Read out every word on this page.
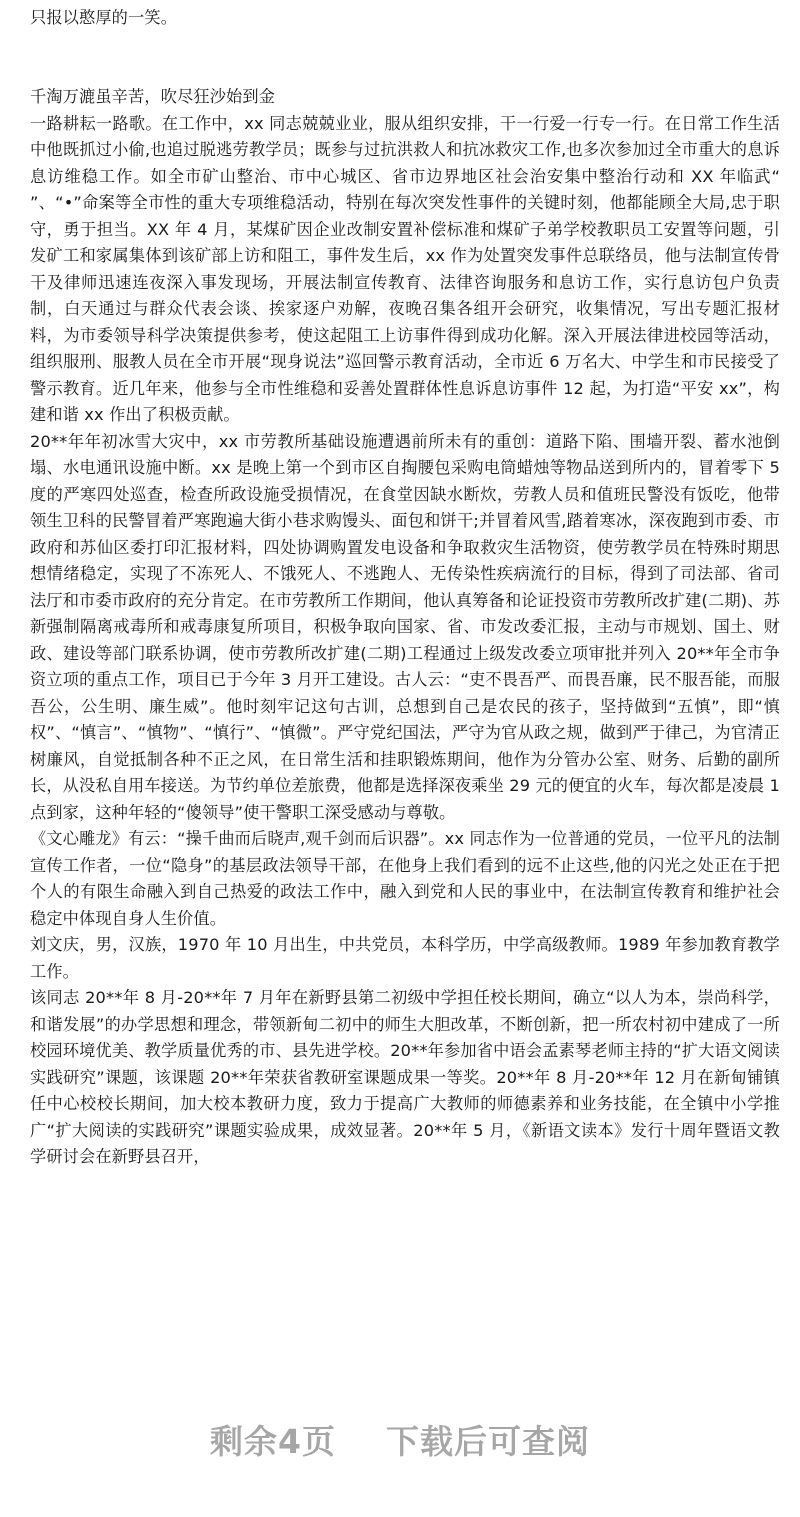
只报以憨厚的一笑。

千淘万漉虽辛苦，吹尽狂沙始到金

一路耕耘一路歌。在工作中，xx 同志兢兢业业，服从组织安排，干一行爱一行专一行。在日常工作生活中他既抓过小偷,也追过脱逃劳教学员；既参与过抗洪救人和抗冰救灾工作,也多次参加过全市重大的息诉息访维稳工作。如全市矿山整治、市中心城区、省市边界地区社会治安集中整治行动和 XX 年临武“ ”、“•”命案等全市性的重大专项维稳活动，特别在每次突发性事件的关键时刻，他都能顾全大局,忠于职守，勇于担当。XX 年 4 月，某煤矿因企业改制安置补偿标准和煤矿子弟学校教职员工安置等问题，引发矿工和家属集体到该矿部上访和阻工，事件发生后，xx 作为处置突发事件总联络员，他与法制宣传骨干及律师迅速连夜深入事发现场，开展法制宣传教育、法律咨询服务和息访工作，实行息访包户负责制，白天通过与群众代表会谈、挨家逐户劝解，夜晚召集各组开会研究，收集情况，写出专题汇报材料，为市委领导科学决策提供参考，使这起阻工上访事件得到成功化解。深入开展法律进校园等活动，组织服刑、服教人员在全市开展“现身说法”巡回警示教育活动，全市近 6 万名大、中学生和市民接受了警示教育。近几年来，他参与全市性维稳和妥善处置群体性息诉息访事件 12 起，为打造“平安 xx”，构建和谐 xx 作出了积极贡献。

20**年年初冰雪大灾中，xx 市劳教所基础设施遭遇前所未有的重创：道路下陷、围墙开裂、蓄水池倒塌、水电通讯设施中断。xx 是晚上第一个到市区自掏腰包采购电筒蜡烛等物品送到所内的，冒着零下 5 度的严寒四处巡查，检查所政设施受损情况，在食堂因缺水断炊，劳教人员和值班民警没有饭吃，他带领生卫科的民警冒着严寒跑遍大街小巷求购馒头、面包和饼干;并冒着风雪,踏着寒冰，深夜跑到市委、市政府和苏仙区委打印汇报材料，四处协调购置发电设备和争取救灾生活物资，使劳教学员在特殊时期思想情绪稳定，实现了不冻死人、不饿死人、不逃跑人、无传染性疾病流行的目标，得到了司法部、省司法厅和市委市政府的充分肯定。在市劳教所工作期间，他认真筹备和论证投资市劳教所改扩建(二期)、苏新强制隔离戒毒所和戒毒康复所项目，积极争取向国家、省、市发改委汇报，主动与市规划、国土、财政、建设等部门联系协调，使市劳教所改扩建(二期)工程通过上级发改委立项审批并列入 20**年全市争资立项的重点工作，项目已于今年 3 月开工建设。古人云：“吏不畏吾严、而畏吾廉，民不服吾能，而服吾公，公生明、廉生威”。他时刻牢记这句古训，总想到自己是农民的孩子，坚持做到“五慎”，即“慎权”、“慎言”、“慎物”、“慎行”、“慎微”。严守党纪国法，严守为官从政之规，做到严于律己，为官清正树廉风，自觉抵制各种不正之风，在日常生活和挂职锻炼期间，他作为分管办公室、财务、后勤的副所长，从没私自用车接送。为节约单位差旅费，他都是选择深夜乘坐 29 元的便宜的火车，每次都是凌晨 1 点到家，这种年轻的“傻领导”使干警职工深受感动与尊敬。

《文心雕龙》有云：“操千曲而后晓声,观千剑而后识器”。xx 同志作为一位普通的党员，一位平凡的法制宣传工作者，一位“隐身”的基层政法领导干部，在他身上我们看到的远不止这些,他的闪光之处正在于把个人的有限生命融入到自己热爱的政法工作中，融入到党和人民的事业中，在法制宣传教育和维护社会稳定中体现自身人生价值。

刘文庆，男，汉族，1970 年 10 月出生，中共党员，本科学历，中学高级教师。1989 年参加教育教学工作。

该同志 20**年 8 月-20**年 7 月年在新野县第二初级中学担任校长期间，确立“以人为本，崇尚科学，和谐发展”的办学思想和理念，带领新甸二初中的师生大胆改革，不断创新，把一所农村初中建成了一所校园环境优美、教学质量优秀的市、县先进学校。20**年参加省中语会孟素琴老师主持的“扩大语文阅读实践研究”课题，该课题 20**年荣获省教研室课题成果一等奖。20**年 8 月-20**年 12 月在新甸铺镇任中心校校长期间，加大校本教研力度，致力于提高广大教师的师德素养和业务技能，在全镇中小学推广“扩大阅读的实践研究”课题实验成果，成效显著。20**年 5 月，《新语文读本》发行十周年暨语文教学研讨会在新野县召开，

剩余4页    下载后可查阅
